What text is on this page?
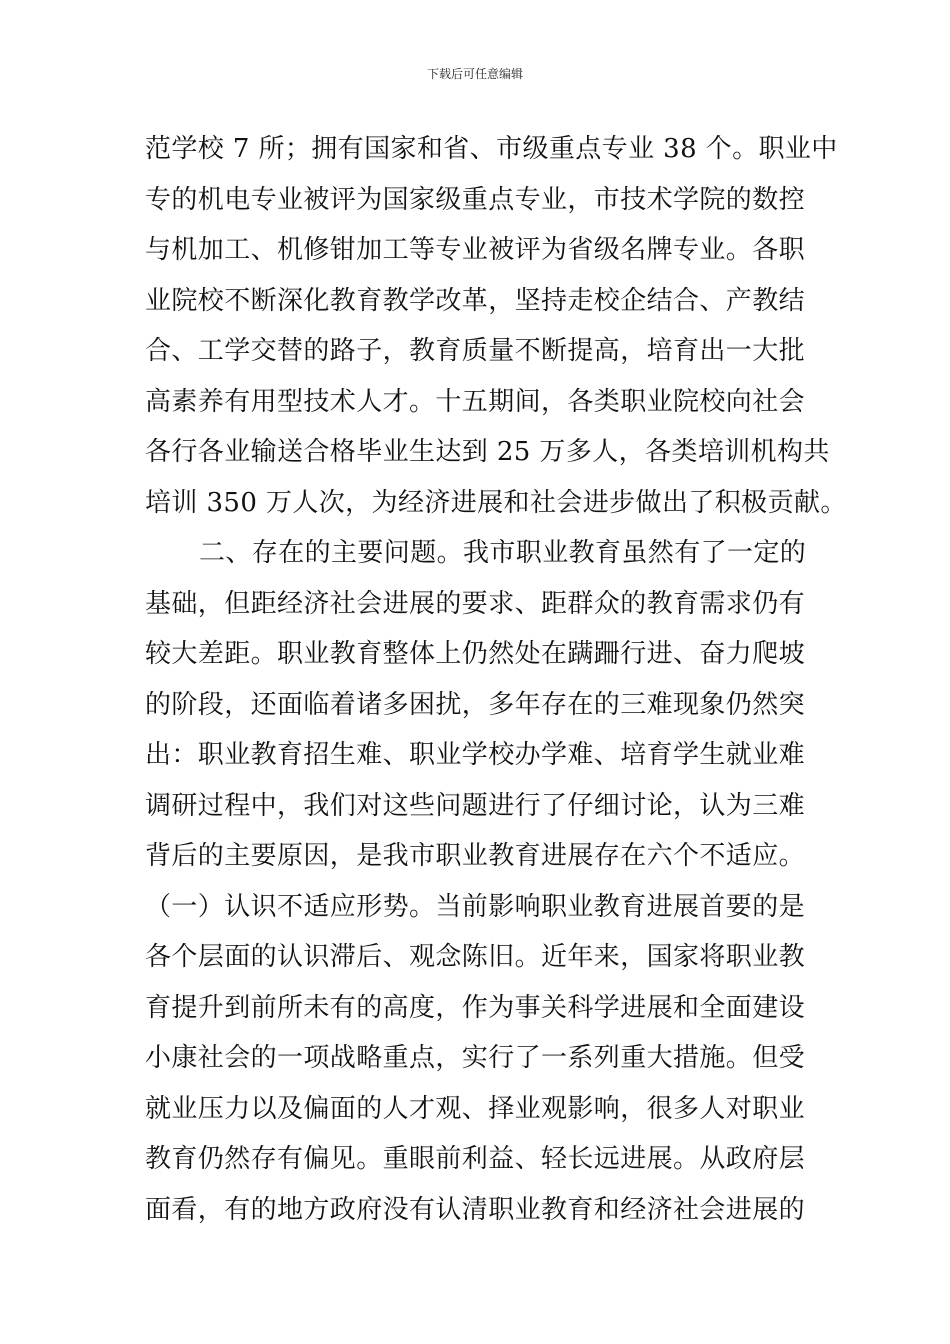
下载后可任意编辑
范学校 7 所；拥有国家和省、市级重点专业 38 个。职业中
专的机电专业被评为国家级重点专业，市技术学院的数控
与机加工、机修钳加工等专业被评为省级名牌专业。各职
业院校不断深化教育教学改革，坚持走校企结合、产教结
合、工学交替的路子，教育质量不断提高，培育出一大批
高素养有用型技术人才。十五期间，各类职业院校向社会
各行各业输送合格毕业生达到 25 万多人，各类培训机构共
培训 350 万人次，为经济进展和社会进步做出了积极贡献。
二、存在的主要问题。我市职业教育虽然有了一定的
基础，但距经济社会进展的要求、距群众的教育需求仍有
较大差距。职业教育整体上仍然处在蹒跚行进、奋力爬坡
的阶段，还面临着诸多困扰，多年存在的三难现象仍然突
出：职业教育招生难、职业学校办学难、培育学生就业难
调研过程中，我们对这些问题进行了仔细讨论，认为三难
背后的主要原因，是我市职业教育进展存在六个不适应。
（一）认识不适应形势。当前影响职业教育进展首要的是
各个层面的认识滞后、观念陈旧。近年来，国家将职业教
育提升到前所未有的高度，作为事关科学进展和全面建设
小康社会的一项战略重点，实行了一系列重大措施。但受
就业压力以及偏面的人才观、择业观影响，很多人对职业
教育仍然存有偏见。重眼前利益、轻长远进展。从政府层
面看，有的地方政府没有认清职业教育和经济社会进展的
